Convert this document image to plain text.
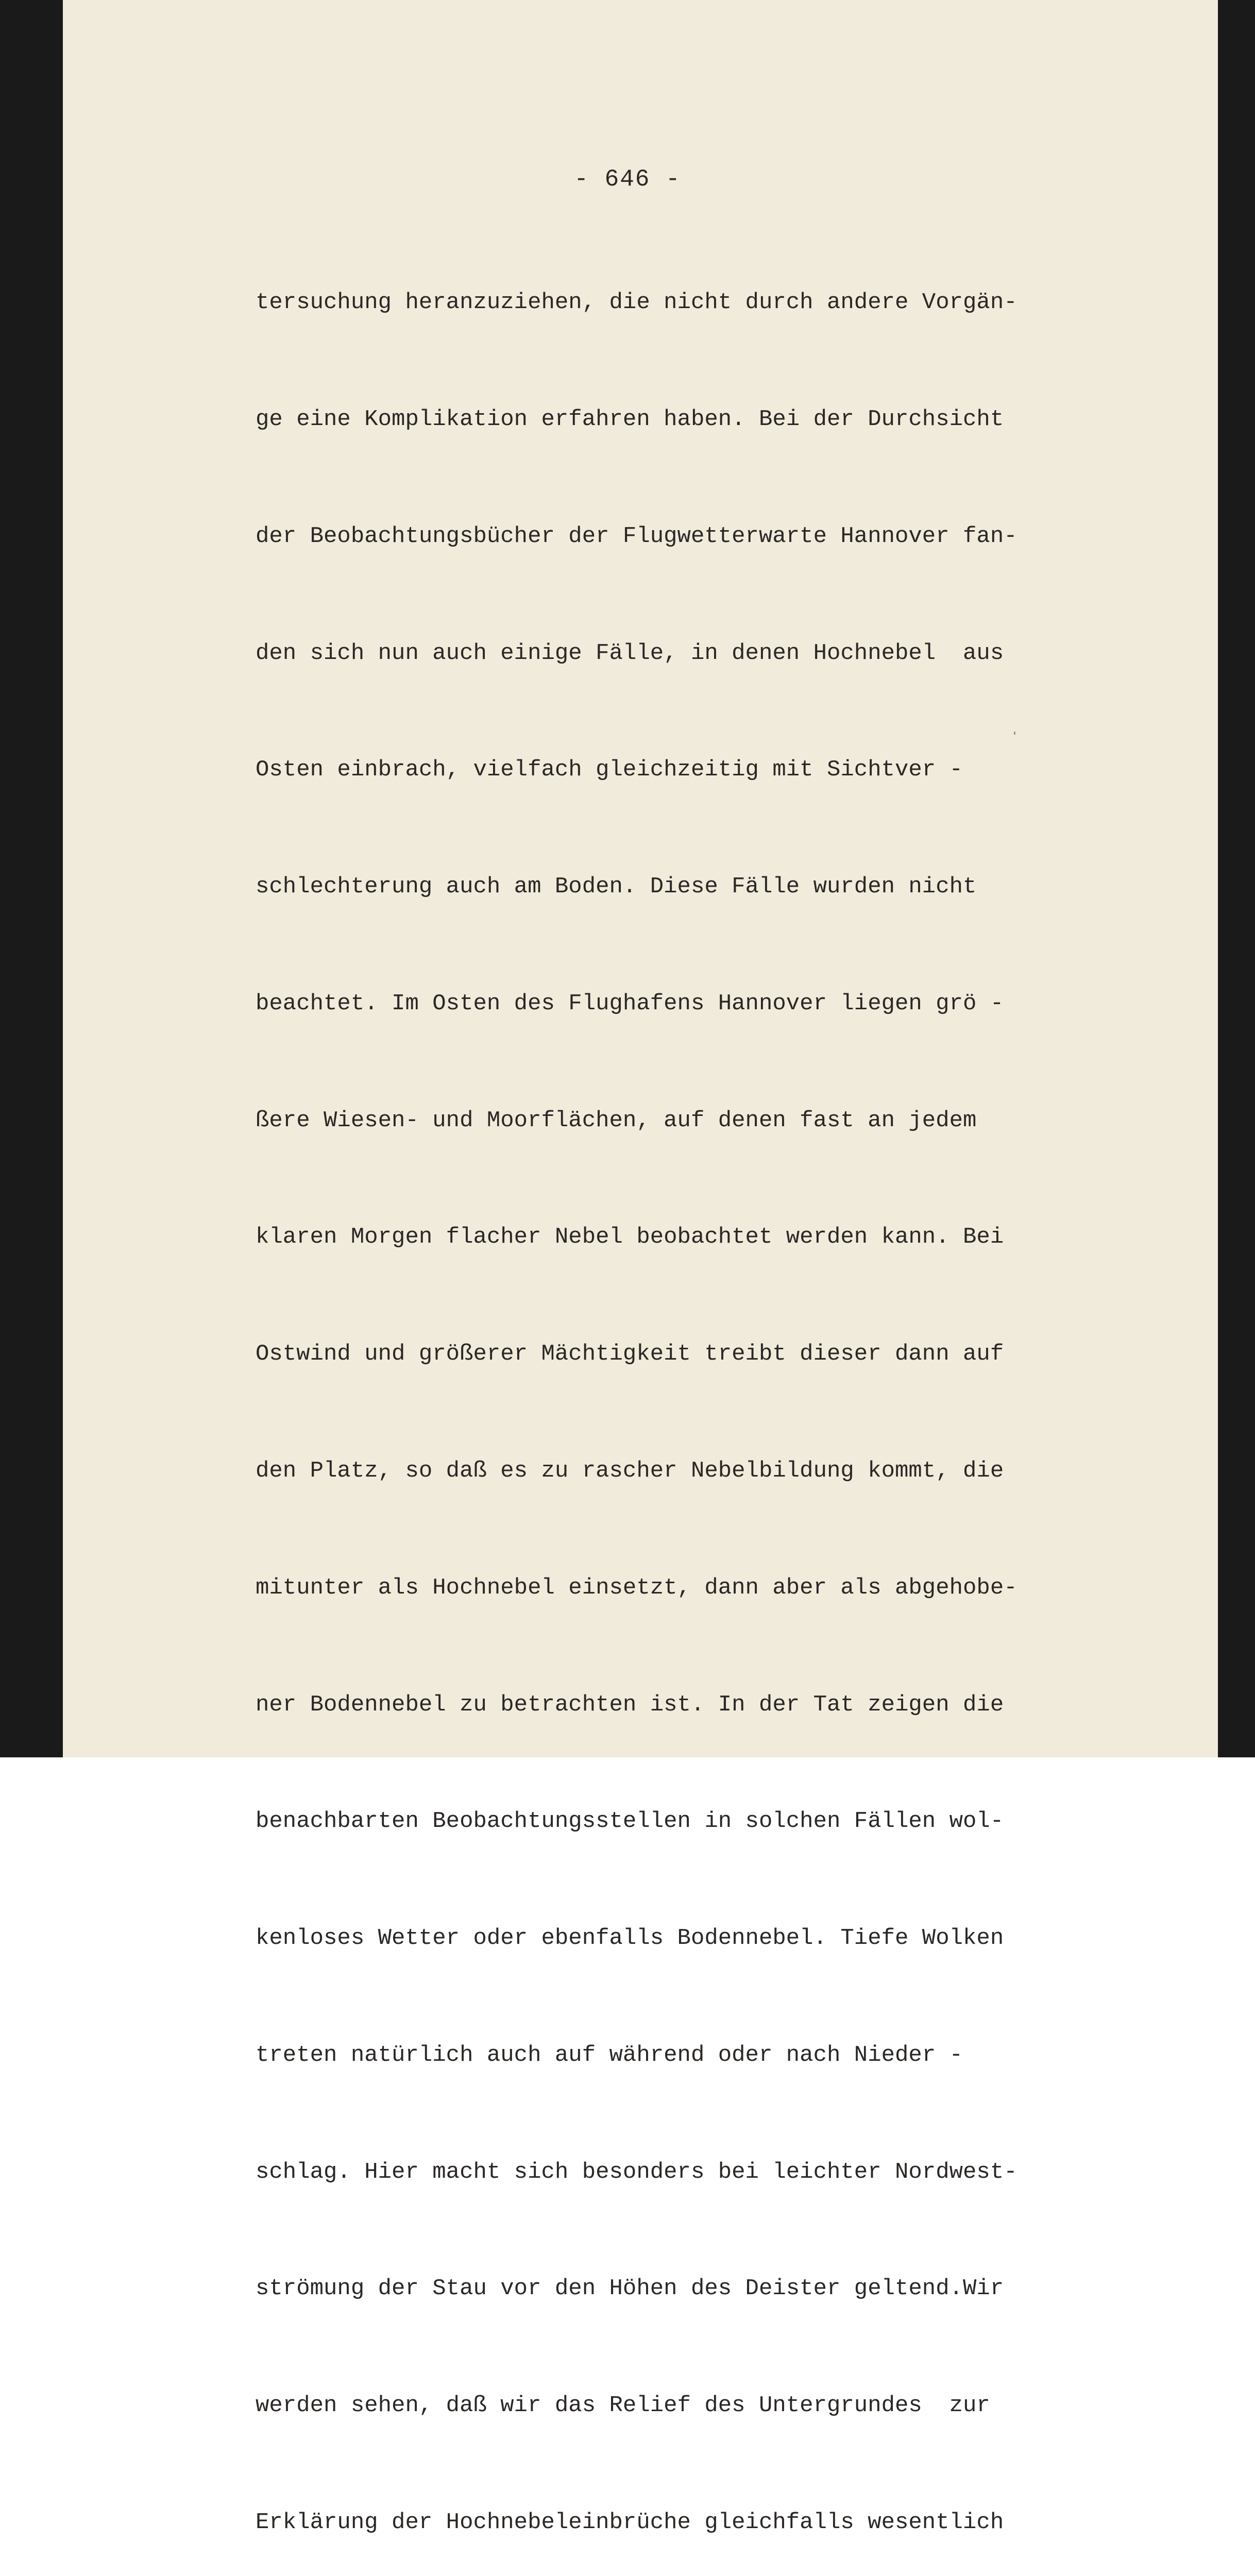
- 646 -

tersuchung heranzuziehen, die nicht durch andere Vorgän-

ge eine Komplikation erfahren haben. Bei der Durchsicht

der Beobachtungsbücher der Flugwetterwarte Hannover fan-

den sich nun auch einige Fälle, in denen Hochnebel  aus

Osten einbrach, vielfach gleichzeitig mit Sichtver -

schlechterung auch am Boden. Diese Fälle wurden nicht

beachtet. Im Osten des Flughafens Hannover liegen grö -

ßere Wiesen- und Moorflächen, auf denen fast an jedem

klaren Morgen flacher Nebel beobachtet werden kann. Bei

Ostwind und größerer Mächtigkeit treibt dieser dann auf

den Platz, so daß es zu rascher Nebelbildung kommt, die

mitunter als Hochnebel einsetzt, dann aber als abgehobe-

ner Bodennebel zu betrachten ist. In der Tat zeigen die

benachbarten Beobachtungsstellen in solchen Fällen wol-

kenloses Wetter oder ebenfalls Bodennebel. Tiefe Wolken

treten natürlich auch auf während oder nach Nieder -

schlag. Hier macht sich besonders bei leichter Nordwest-

strömung der Stau vor den Höhen des Deister geltend.Wir

werden sehen, daß wir das Relief des Untergrundes  zur

Erklärung der Hochnebeleinbrüche gleichfalls wesentlich
